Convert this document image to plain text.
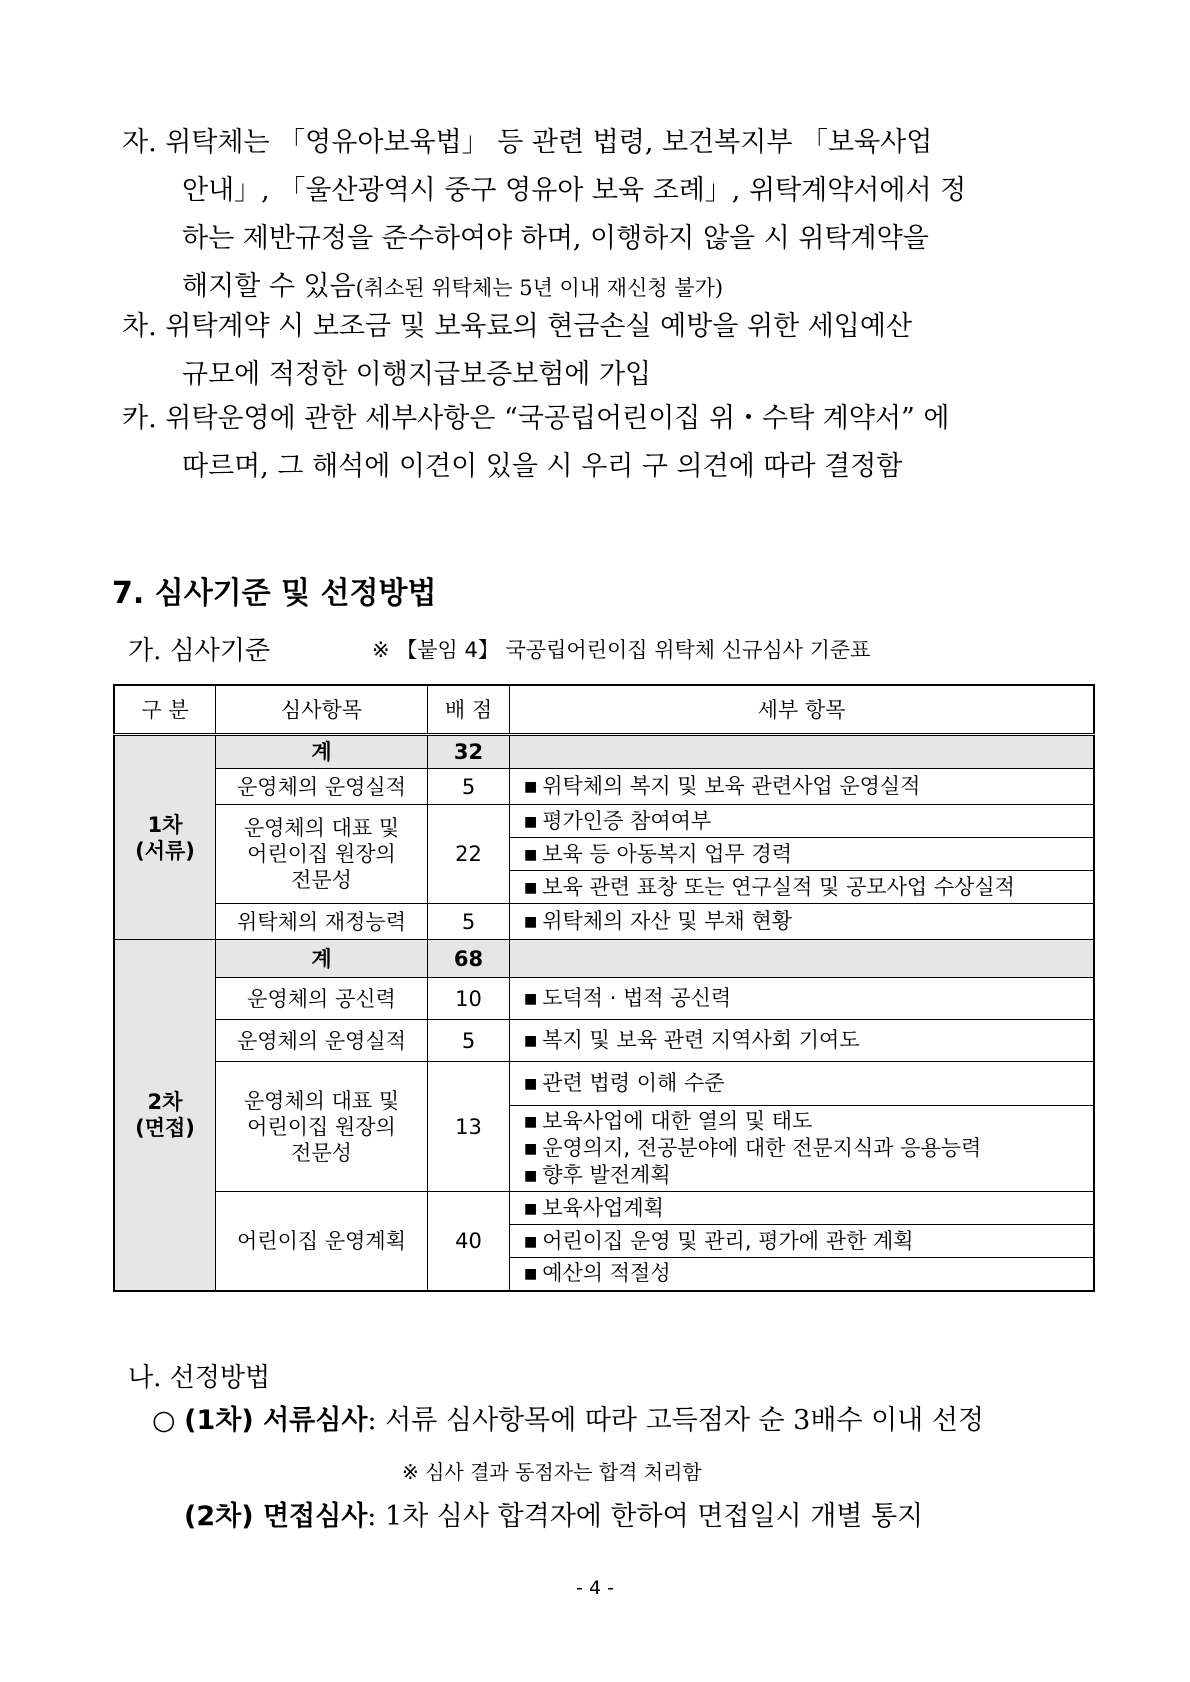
자. 위탁체는 「영유아보육법」 등 관련 법령, 보건복지부 「보육사업
안내」, 「울산광역시 중구 영유아 보육 조례」, 위탁계약서에서 정
하는 제반규정을 준수하여야 하며, 이행하지 않을 시 위탁계약을
해지할 수 있음(취소된 위탁체는 5년 이내 재신청 불가)
차. 위탁계약 시 보조금 및 보육료의 현금손실 예방을 위한 세입예산
규모에 적정한 이행지급보증보험에 가입
카. 위탁운영에 관한 세부사항은 “국공립어린이집 위・수탁 계약서” 에
따르며, 그 해석에 이견이 있을 시 우리 구 의견에 따라 결정함
7. 심사기준 및 선정방법
가. 심사기준	※ 【붙임 4】 국공립어린이집 위탁체 신규심사 기준표
구 분	심사항목	배 점	세부 항목

1차
(서류)	계	32	
	운영체의 운영실적	5	■ 위탁체의 복지 및 보육 관련사업 운영실적

	운영체의 대표 및
어린이집 원장의
전문성	22	■ 평가인증 참여여부
			■ 보육 등 아동복지 업무 경력
			■ 보육 관련 표창 또는 연구실적 및 공모사업 수상실적
	위탁체의 재정능력	5	■ 위탁체의 자산 및 부채 현황

2차
(면접)	계	68	
	운영체의 공신력	10	■ 도덕적 · 법적 공신력
	운영체의 운영실적	5	■ 복지 및 보육 관련 지역사회 기여도

	운영체의 대표 및
어린이집 원장의
전문성	13	■ 관련 법령 이해 수준

			■ 보육사업에 대한 열의 및 태도
■ 운영의지, 전공분야에 대한 전문지식과 응용능력
■ 향후 발전계획

	어린이집 운영계획	40	■ 보육사업계획
			■ 어린이집 운영 및 관리, 평가에 관한 계획
			■ 예산의 적절성
나. 선정방법
○ (1차) 서류심사: 서류 심사항목에 따라 고득점자 순 3배수 이내 선정
※ 심사 결과 동점자는 합격 처리함
(2차) 면접심사: 1차 심사 합격자에 한하여 면접일시 개별 통지
- 4 -
